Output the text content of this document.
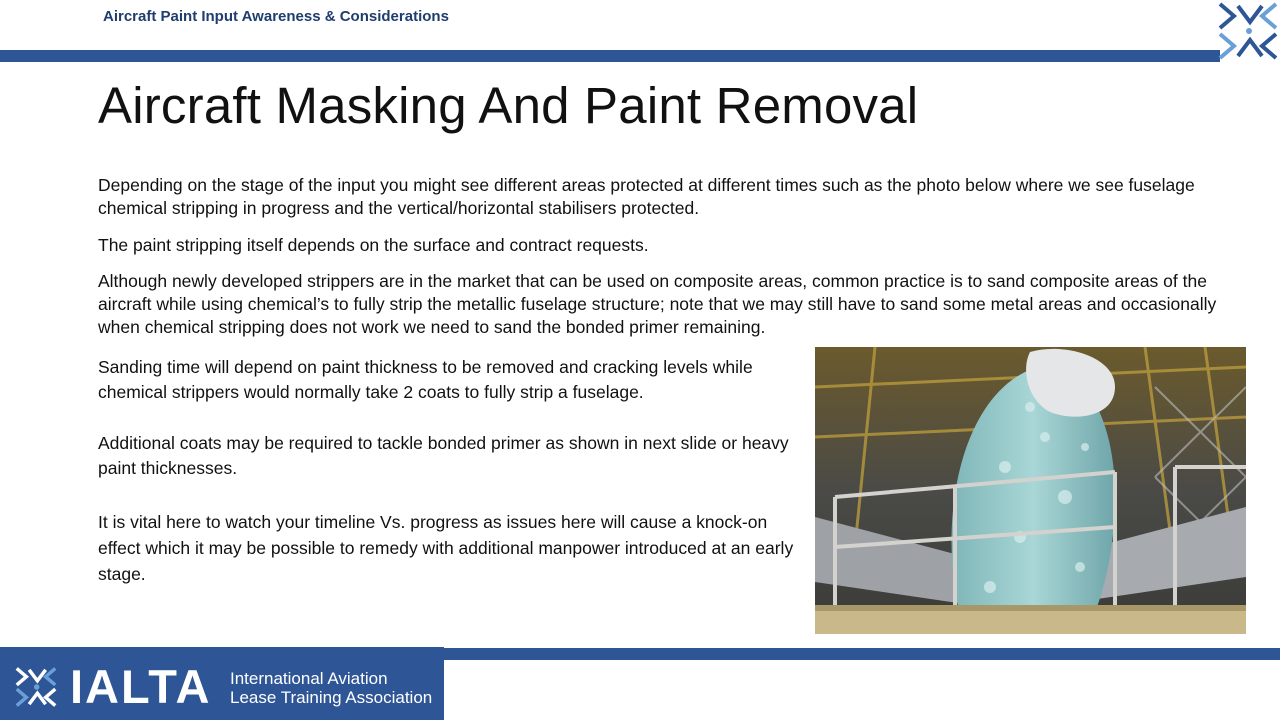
Aircraft Paint Input Awareness & Considerations
Aircraft Masking And Paint Removal

Depending on the stage of the input you might see different areas protected at different times such as the photo below where we see fuselage chemical stripping in progress and the vertical/horizontal stabilisers protected.

The paint stripping itself depends on the surface and contract requests.

Although newly developed strippers are in the market that can be used on composite areas, common practice is to sand composite areas of the aircraft while using chemical’s to fully strip the metallic fuselage structure; note that we may still have to sand some metal areas and occasionally when chemical stripping does not work we need to sand the bonded primer remaining.

Sanding time will depend on paint thickness to be removed and cracking levels while chemical strippers would normally take 2 coats to fully strip a fuselage.

Additional coats may be required to tackle bonded primer as shown in next slide or heavy paint thicknesses.

It is vital here to watch your timeline Vs. progress as issues here will cause a knock-on effect which it may be possible to remedy with additional manpower introduced at an early stage.

IALTA International Aviation
Lease Training Association
